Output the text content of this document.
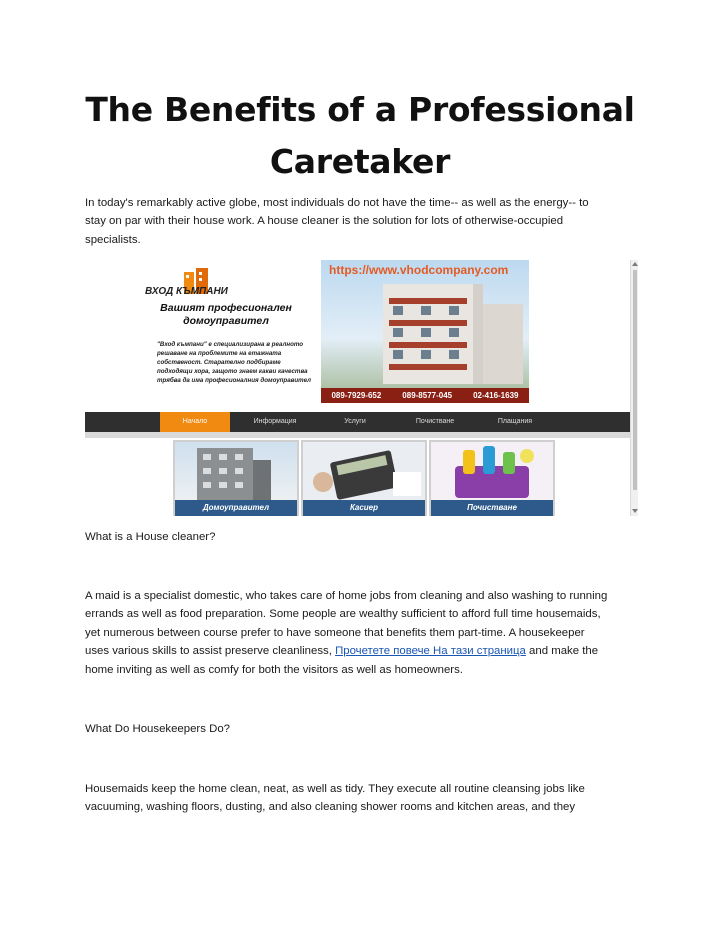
The Benefits of a Professional
Caretaker
In today's remarkably active globe, most individuals do not have the time-- as well as the energy-- to
stay on par with their house work. A house cleaner is the solution for lots of otherwise-occupied
specialists.
ВХОД КЪМПАНИ
Вашият професионален
домоуправител
"Вход къмпани" е специализирана в реалното
решаване на проблемите на етажната
собственост. Старателно подбираме
подходящи хора, защото знаем какви качества
трябва да има професионалния домоуправител
https://www.vhodcompany.com
089-7929-652	089-8577-045	02-416-1639
Начало	Информация	Услуги	Почистване	Плащания
Домоуправител	Касиер	Почистване
What is a House cleaner?
A maid is a specialist domestic, who takes care of home jobs from cleaning and also washing to running
errands as well as food preparation. Some people are wealthy sufficient to afford full time housemaids,
yet numerous between course prefer to have someone that benefits them part-time. A housekeeper
uses various skills to assist preserve cleanliness, Прочетете повече На тази страница and make the
home inviting as well as comfy for both the visitors as well as homeowners.
What Do Housekeepers Do?
Housemaids keep the home clean, neat, as well as tidy. They execute all routine cleansing jobs like
vacuuming, washing floors, dusting, and also cleaning shower rooms and kitchen areas, and they
